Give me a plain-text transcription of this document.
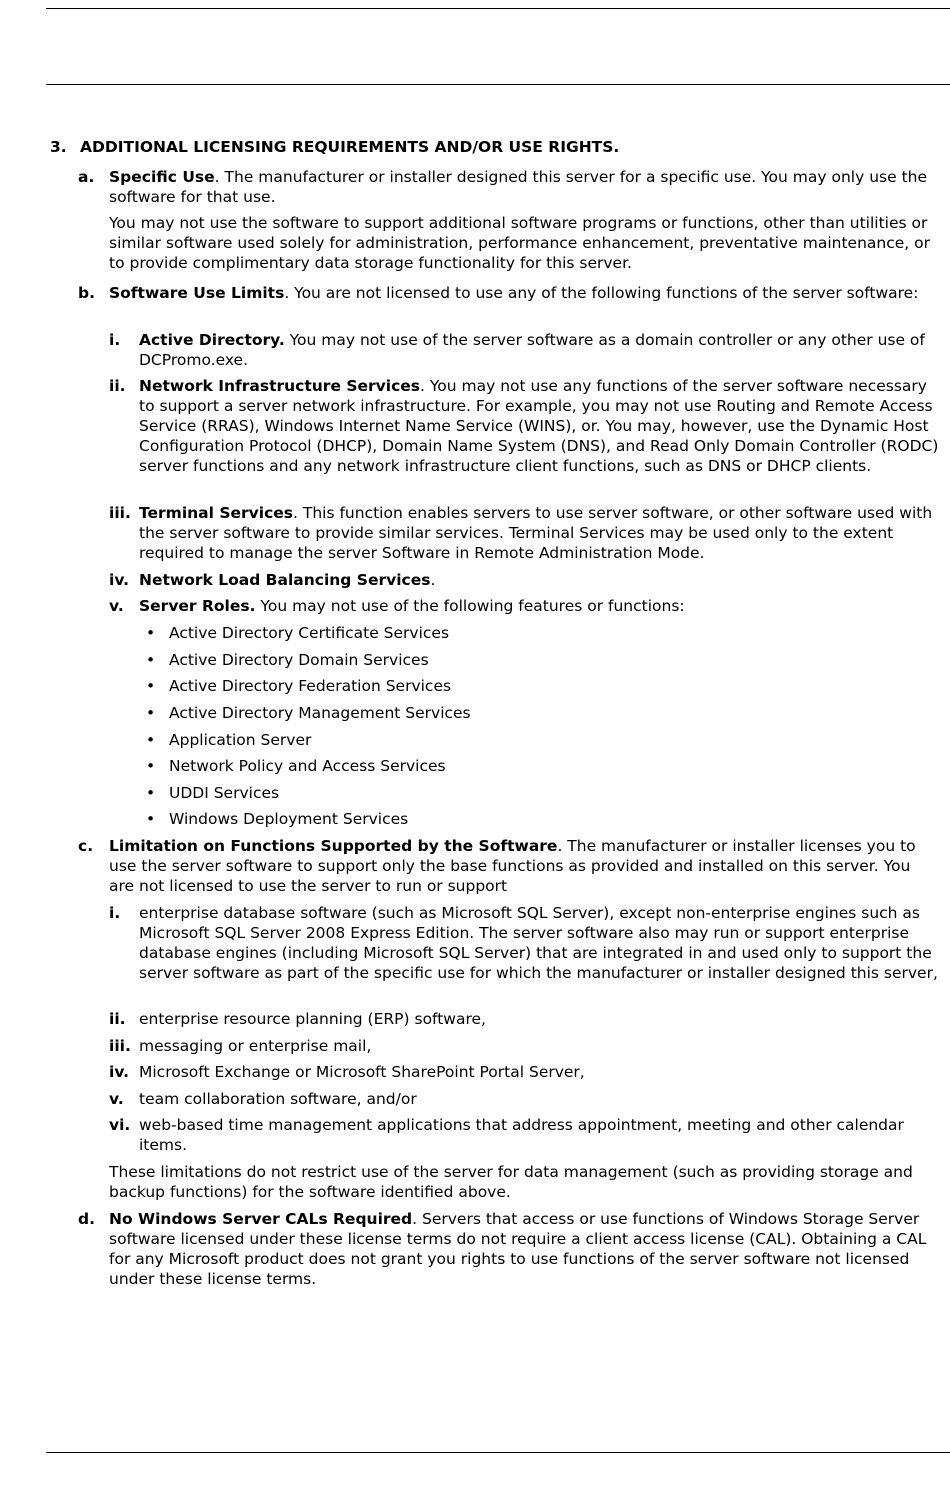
3. ADDITIONAL LICENSING REQUIREMENTS AND/OR USE RIGHTS.
a. Specific Use. The manufacturer or installer designed this server for a specific use. You may only use the software for that use.
You may not use the software to support additional software programs or functions, other than utilities or similar software used solely for administration, performance enhancement, preventative maintenance, or to provide complimentary data storage functionality for this server.
b. Software Use Limits. You are not licensed to use any of the following functions of the server software:
i. Active Directory. You may not use of the server software as a domain controller or any other use of DCPromo.exe.
ii. Network Infrastructure Services. You may not use any functions of the server software necessary to support a server network infrastructure. For example, you may not use Routing and Remote Access Service (RRAS), Windows Internet Name Service (WINS), or. You may, however, use the Dynamic Host Configuration Protocol (DHCP), Domain Name System (DNS), and Read Only Domain Controller (RODC) server functions and any network infrastructure client functions, such as DNS or DHCP clients.
iii. Terminal Services. This function enables servers to use server software, or other software used with the server software to provide similar services. Terminal Services may be used only to the extent required to manage the server Software in Remote Administration Mode.
iv. Network Load Balancing Services.
v. Server Roles. You may not use of the following features or functions:
• Active Directory Certificate Services
• Active Directory Domain Services
• Active Directory Federation Services
• Active Directory Management Services
• Application Server
• Network Policy and Access Services
• UDDI Services
• Windows Deployment Services
c. Limitation on Functions Supported by the Software. The manufacturer or installer licenses you to use the server software to support only the base functions as provided and installed on this server. You are not licensed to use the server to run or support
i. enterprise database software (such as Microsoft SQL Server), except non-enterprise engines such as Microsoft SQL Server 2008 Express Edition. The server software also may run or support enterprise database engines (including Microsoft SQL Server) that are integrated in and used only to support the server software as part of the specific use for which the manufacturer or installer designed this server,
ii. enterprise resource planning (ERP) software,
iii. messaging or enterprise mail,
iv. Microsoft Exchange or Microsoft SharePoint Portal Server,
v. team collaboration software, and/or
vi. web-based time management applications that address appointment, meeting and other calendar items.
These limitations do not restrict use of the server for data management (such as providing storage and backup functions) for the software identified above.
d. No Windows Server CALs Required. Servers that access or use functions of Windows Storage Server software licensed under these license terms do not require a client access license (CAL). Obtaining a CAL for any Microsoft product does not grant you rights to use functions of the server software not licensed under these license terms.
